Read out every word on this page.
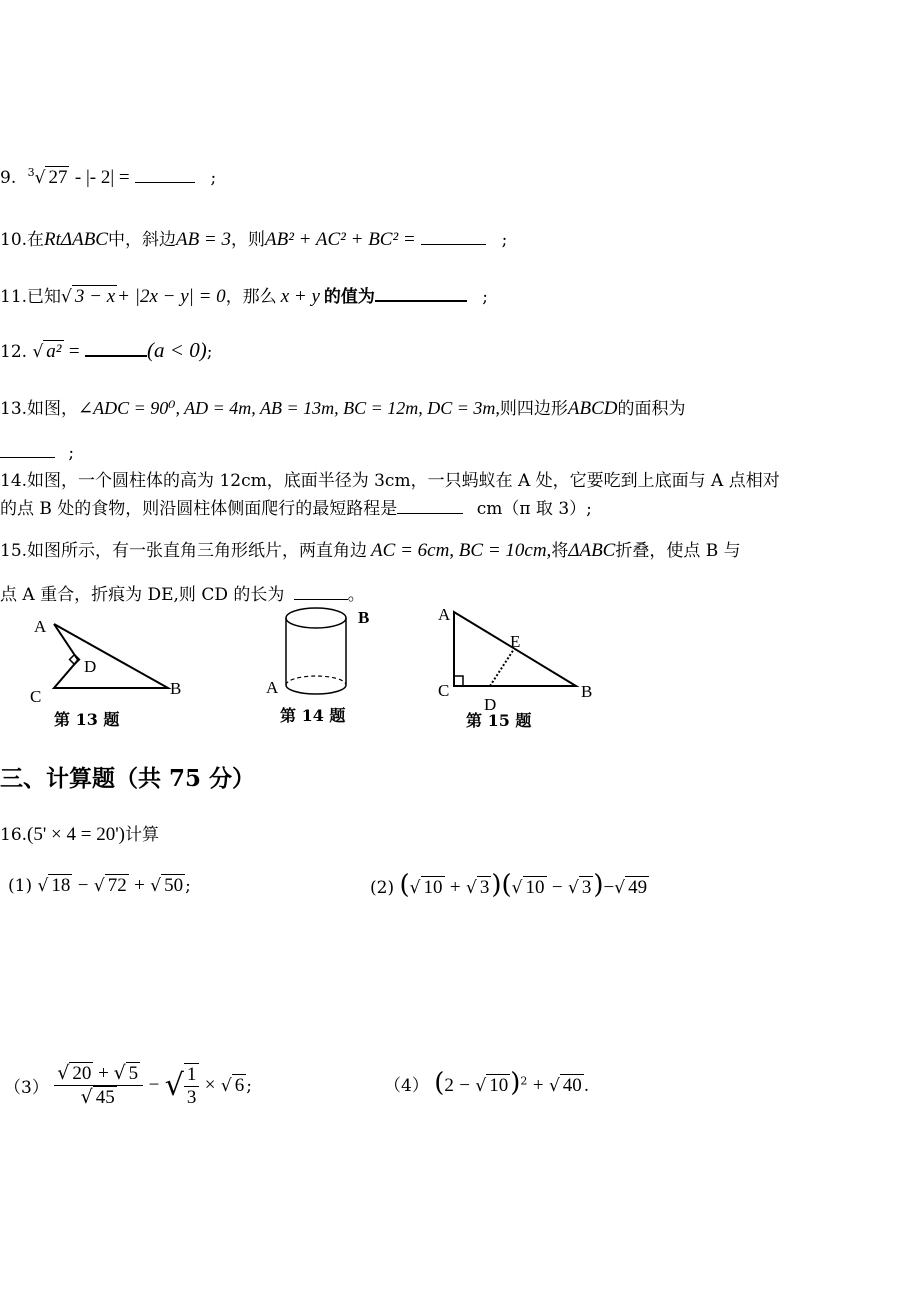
9. $^3$√ 27 - |- 2| =	;
10.在RtΔABC中，斜边AB = 3，则AB² + AC² + BC² =	;
11.已知√ 3 − x + |2x − y| = 0，那么 x + y 的值为	;
12. √ a² =	(a < 0);
13.如图，∠ADC = 90⁰, AD = 4m, AB = 13m, BC = 12m, DC = 3m,则四边形ABCD的面积为
;
14.如图，一个圆柱体的高为 12cm，底面半径为 3cm，一只蚂蚁在 A 处，它要吃到上底面与 A 点相对
的点 B 处的食物，则沿圆柱体侧面爬行的最短路程是	cm（π 取 3）;
15.如图所示，有一张直角三角形纸片，两直角边 AC = 6cm, BC = 10cm,将ΔABC折叠，使点 B 与
点 A 重合，折痕为 DE,则 CD 的长为	。
A
D
C	B
第 13 题
B
A
第 14 题
A
E
C
D
B
第 15 题
三、计算题（共 75 分）
16.(5' × 4 = 20')计算
(1) √ 18 − √ 72 + √ 50 ;	(2) (√ 10 + √ 3)(√ 10 − √ 3)−√ 49
$(3) \frac{√ 20 + √ 5}{√ 45}$ − √ $\frac{1}{3}$ × √ 6 ;	（4） (2 − √ 10)$^2$ + √ 40 .
